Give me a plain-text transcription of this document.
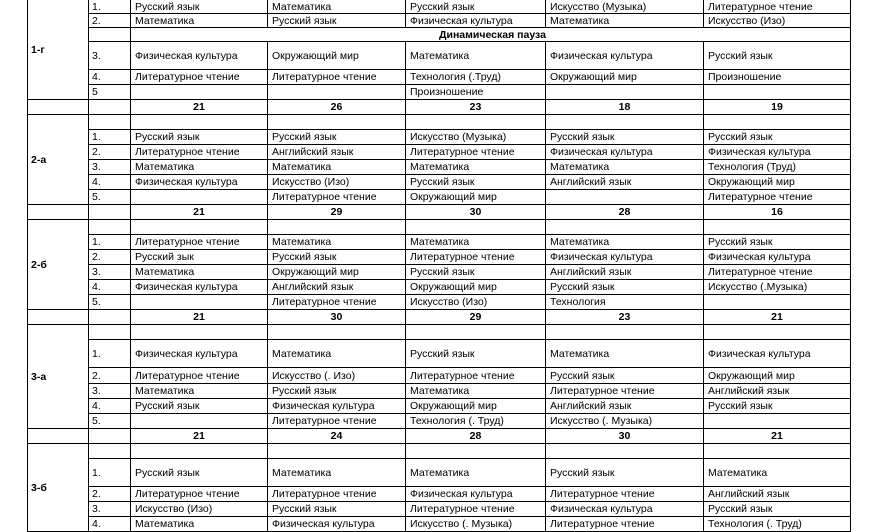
1-г	1.	Русский язык	Математика	Русский язык	Искусство (Музыка)	Литературное чтение
	2.	Математика	Русский язык	Физическая культура	Математика	Искусство (Изо)
		Динамическая пауза				
	3.	Физическая культура	Окружающий мир	Математика	Физическая культура	Русский язык
	4.	Литературное чтение	Литературное чтение	Технология (.Труд)	Окружающий мир	Произношение
	5			Произношение		
		21	26	23	18	19
2-а						
	1.	Русский язык	Русский язык	Искусство (Музыка)	Русский язык	Русский язык
	2.	Литературное чтение	Английский язык	Литературное чтение	Физическая культура	Физическая культура
	3.	Математика	Математика	Математика	Математика	Технология (Труд)
	4.	Физическая культура	Искусство (Изо)	Русский язык	Английский язык	Окружающий мир
	5.		Литературное чтение	Окружающий мир		Литературное чтение
		21	29	30	28	16
2-б						
	1.	Литературное чтение	Математика	Математика	Математика	Русский язык
	2.	Русский зык	Русский язык	Литературное чтение	Физическая культура	Физическая культура
	3.	Математика	Окружающий мир	Русский язык	Английский язык	Литературное чтение
	4.	Физическая культура	Английский язык	Окружающий мир	Русский язык	Искусство (.Музыка)
	5.		Литературное чтение	Искусство (Изо)	Технология	
		21	30	29	23	21
3-а						
	1.	Физическая культура	Математика	Русский язык	Математика	Физическая культура
	2.	Литературное чтение	Искусство (. Изо)	Литературное чтение	Русский язык	Окружающий мир
	3.	Математика	Русский язык	Математика	Литературное чтение	Английский язык
	4.	Русский язык	Физическая культура	Окружающий мир	Английский язык	Русский язык
	5.		Литературное чтение	Технология (. Труд)	Искусство (. Музыка)	
		21	24	28	30	21
3-б						
	1.	Русский язык	Математика	Математика	Русский язык	Математика
	2.	Литературное чтение	Литературное чтение	Физическая культура	Литературное чтение	Английский язык
	3.	Искусство (Изо)	Русский язык	Литературное чтение	Физическая культура	Русский язык
	4.	Математика	Физическая культура	Искусство (. Музыка)	Литературное чтение	Технология (. Труд)
